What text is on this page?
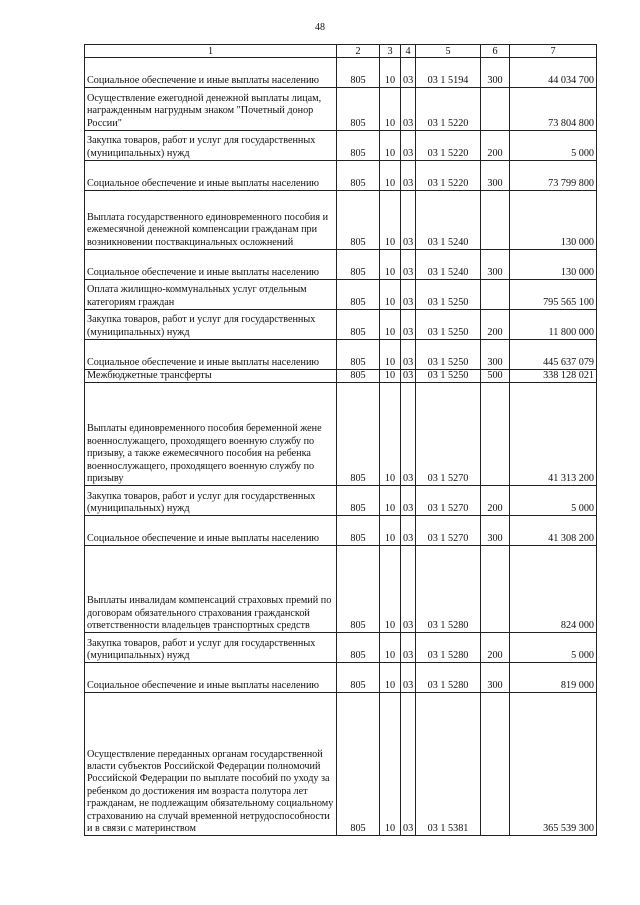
48
1	2	3	4	5	6	7
Социальное обеспечение и иные выплаты населению	805	10	03	03 1 5194	300	44 034 700
Осуществление ежегодной денежной выплаты лицам, награжденным нагрудным знаком "Почетный донор России"	805	10	03	03 1 5220		73 804 800
Закупка товаров, работ и услуг для государственных (муниципальных) нужд	805	10	03	03 1 5220	200	5 000
Социальное обеспечение и иные выплаты населению	805	10	03	03 1 5220	300	73 799 800
Выплата государственного единовременного пособия и ежемесячной денежной компенсации гражданам при возникновении поствакцинальных осложнений	805	10	03	03 1 5240		130 000
Социальное обеспечение и иные выплаты населению	805	10	03	03 1 5240	300	130 000
Оплата жилищно-коммунальных услуг отдельным категориям граждан	805	10	03	03 1 5250		795 565 100
Закупка товаров, работ и услуг для государственных (муниципальных) нужд	805	10	03	03 1 5250	200	11 800 000
Социальное обеспечение и иные выплаты населению	805	10	03	03 1 5250	300	445 637 079
Межбюджетные трансферты	805	10	03	03 1 5250	500	338 128 021
Выплаты единовременного пособия беременной жене военнослужащего, проходящего военную службу по призыву, а также ежемесячного пособия на ребенка военнослужащего, проходящего военную службу по призыву	805	10	03	03 1 5270		41 313 200
Закупка товаров, работ и услуг для государственных (муниципальных) нужд	805	10	03	03 1 5270	200	5 000
Социальное обеспечение и иные выплаты населению	805	10	03	03 1 5270	300	41 308 200
Выплаты инвалидам компенсаций страховых премий по договорам обязательного страхования гражданской ответственности владельцев транспортных средств	805	10	03	03 1 5280		824 000
Закупка товаров, работ и услуг для государственных (муниципальных) нужд	805	10	03	03 1 5280	200	5 000
Социальное обеспечение и иные выплаты населению	805	10	03	03 1 5280	300	819 000
Осуществление переданных органам государственной власти субъектов Российской Федерации полномочий Российской Федерации по выплате пособий по уходу за ребенком до достижения им возраста полутора лет гражданам, не подлежащим обязательному социальному страхованию на случай временной нетрудоспособности и в связи с материнством	805	10	03	03 1 5381		365 539 300
